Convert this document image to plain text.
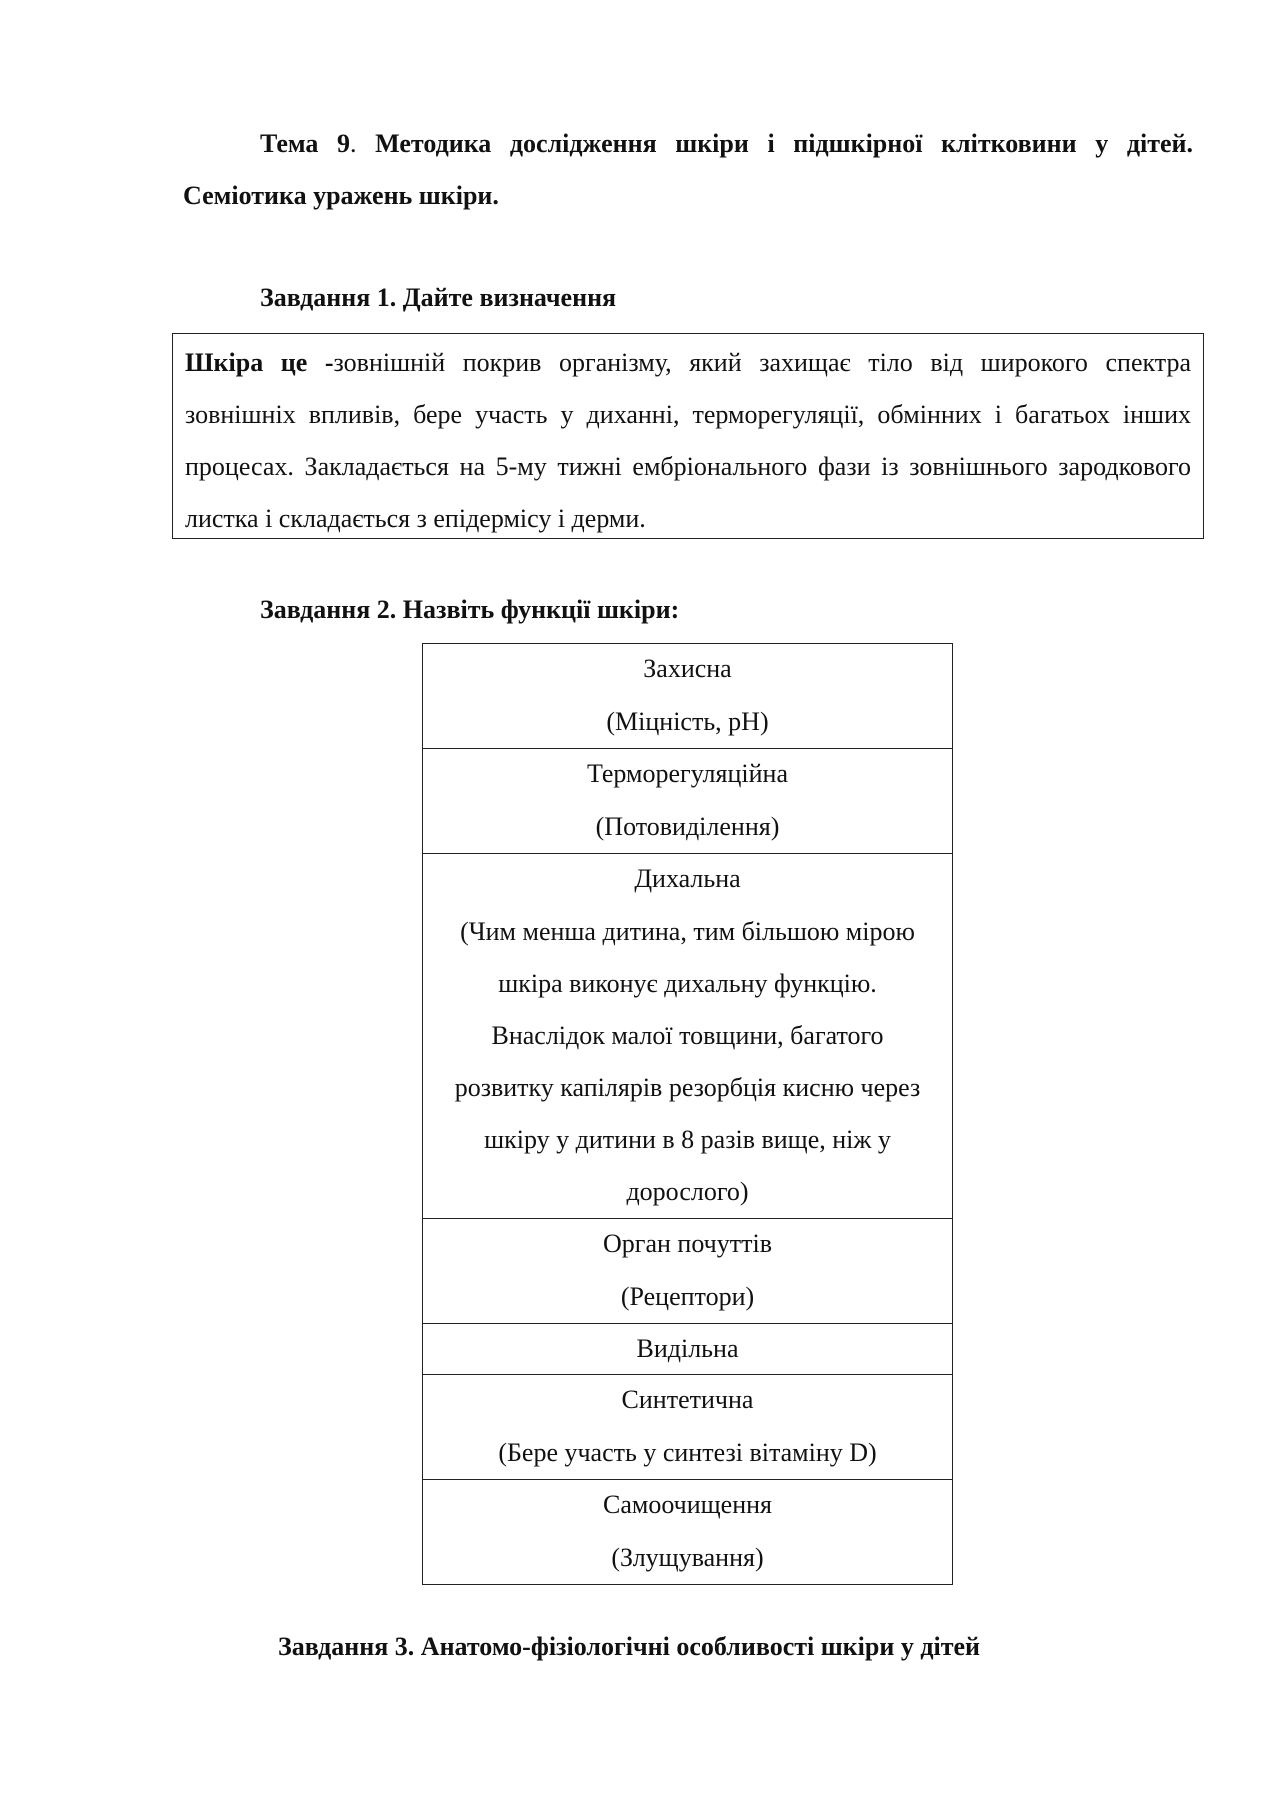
Тема 9. Методика дослідження шкіри і підшкірної клітковини у дітей. Семіотика уражень шкіри.

Завдання 1. Дайте визначення

Шкіра це -зовнішній покрив організму, який захищає тіло від широкого спектра зовнішніх впливів, бере участь у диханні, терморегуляції, обмінних і багатьох інших процесах. Закладається на 5-му тижні ембріонального фази із зовнішнього зародкового листка і складається з епідермісу і дерми.

Завдання 2. Назвіть функції шкіри:

Захисна
(Міцність, pH)

Терморегуляційна
(Потовиділення)

Дихальна
(Чим менша дитина, тим більшою мірою шкіра виконує дихальну функцію. Внаслідок малої товщини, багатого розвитку капілярів резорбція кисню через шкіру у дитини в 8 разів вище, ніж у дорослого)

Орган почуттів
(Рецептори)

Видільна

Синтетична
(Бере участь у синтезі вітаміну D)

Самоочищення
(Злущування)

Завдання 3. Анатомо-фізіологічні особливості шкіри у дітей
